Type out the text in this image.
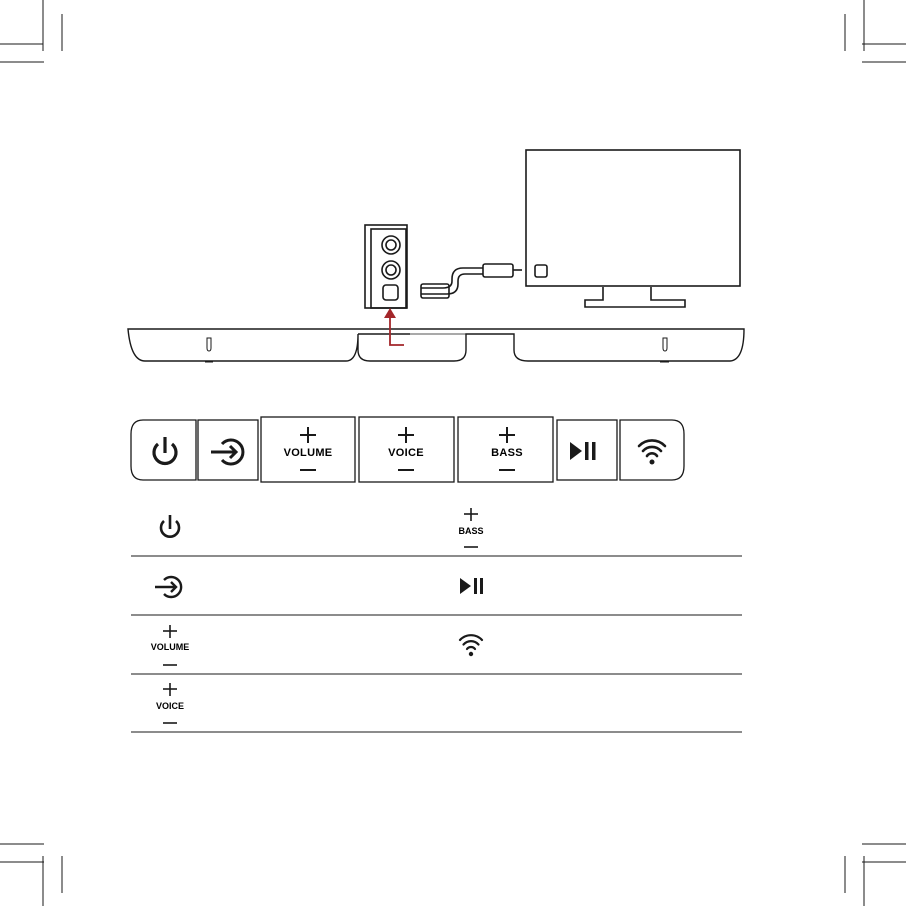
VOLUME	VOICE	BASS
BASS
VOLUME
VOICE
